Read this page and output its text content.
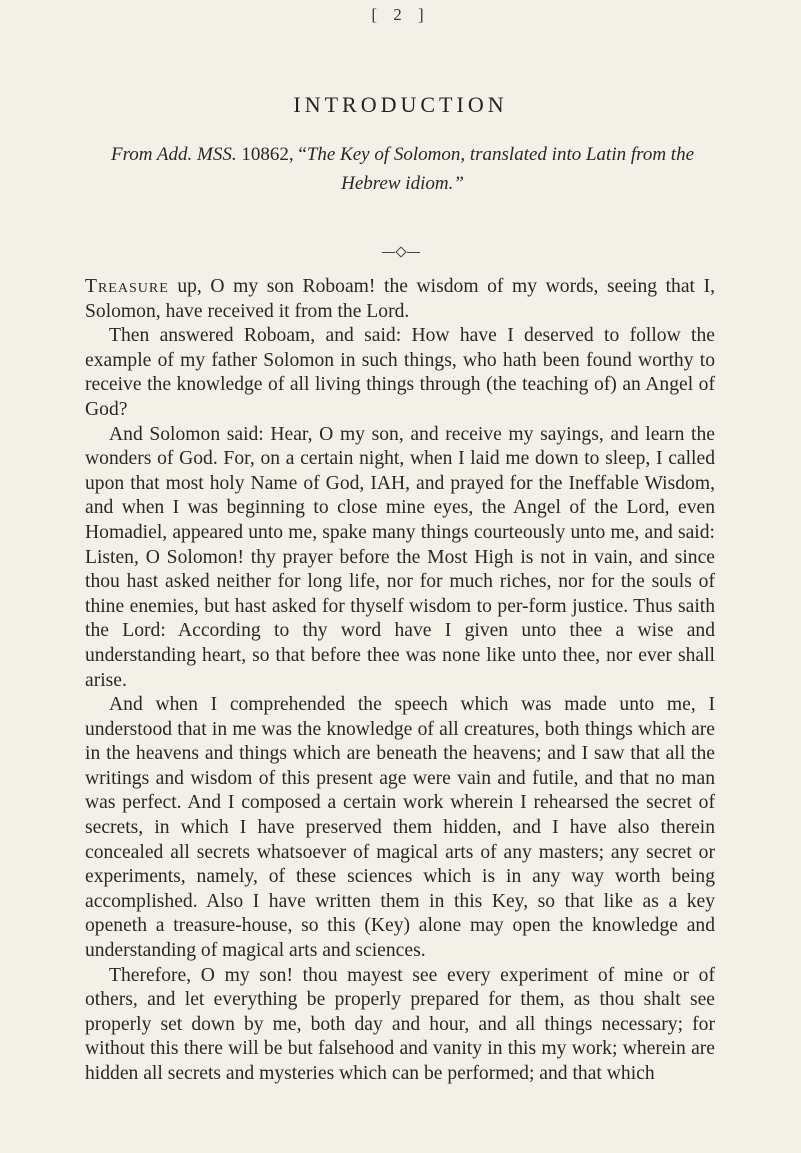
[ 2 ]
INTRODUCTION

From Add. MSS. 10862, “The Key of Solomon, translated into Latin from the Hebrew idiom.”

Treasure up, O my son Roboam! the wisdom of my words, seeing that I, Solomon, have received it from the Lord.

Then answered Roboam, and said: How have I deserved to follow the example of my father Solomon in such things, who hath been found worthy to receive the knowledge of all living things through (the teaching of) an Angel of God?

And Solomon said: Hear, O my son, and receive my sayings, and learn the wonders of God. For, on a certain night, when I laid me down to sleep, I called upon that most holy Name of God, IAH, and prayed for the Ineffable Wisdom, and when I was beginning to close mine eyes, the Angel of the Lord, even Homadiel, appeared unto me, spake many things courteously unto me, and said: Listen, O Solomon! thy prayer before the Most High is not in vain, and since thou hast asked neither for long life, nor for much riches, nor for the souls of thine enemies, but hast asked for thyself wisdom to per-form justice. Thus saith the Lord: According to thy word have I given unto thee a wise and understanding heart, so that before thee was none like unto thee, nor ever shall arise.

And when I comprehended the speech which was made unto me, I understood that in me was the knowledge of all creatures, both things which are in the heavens and things which are beneath the heavens; and I saw that all the writings and wisdom of this present age were vain and futile, and that no man was perfect. And I composed a certain work wherein I rehearsed the secret of secrets, in which I have preserved them hidden, and I have also therein concealed all secrets whatsoever of magical arts of any masters; any secret or experiments, namely, of these sciences which is in any way worth being accomplished. Also I have written them in this Key, so that like as a key openeth a treasure-house, so this (Key) alone may open the knowledge and understanding of magical arts and sciences.

Therefore, O my son! thou mayest see every experiment of mine or of others, and let everything be properly prepared for them, as thou shalt see properly set down by me, both day and hour, and all things necessary; for without this there will be but falsehood and vanity in this my work; wherein are hidden all secrets and mysteries which can be performed; and that which
